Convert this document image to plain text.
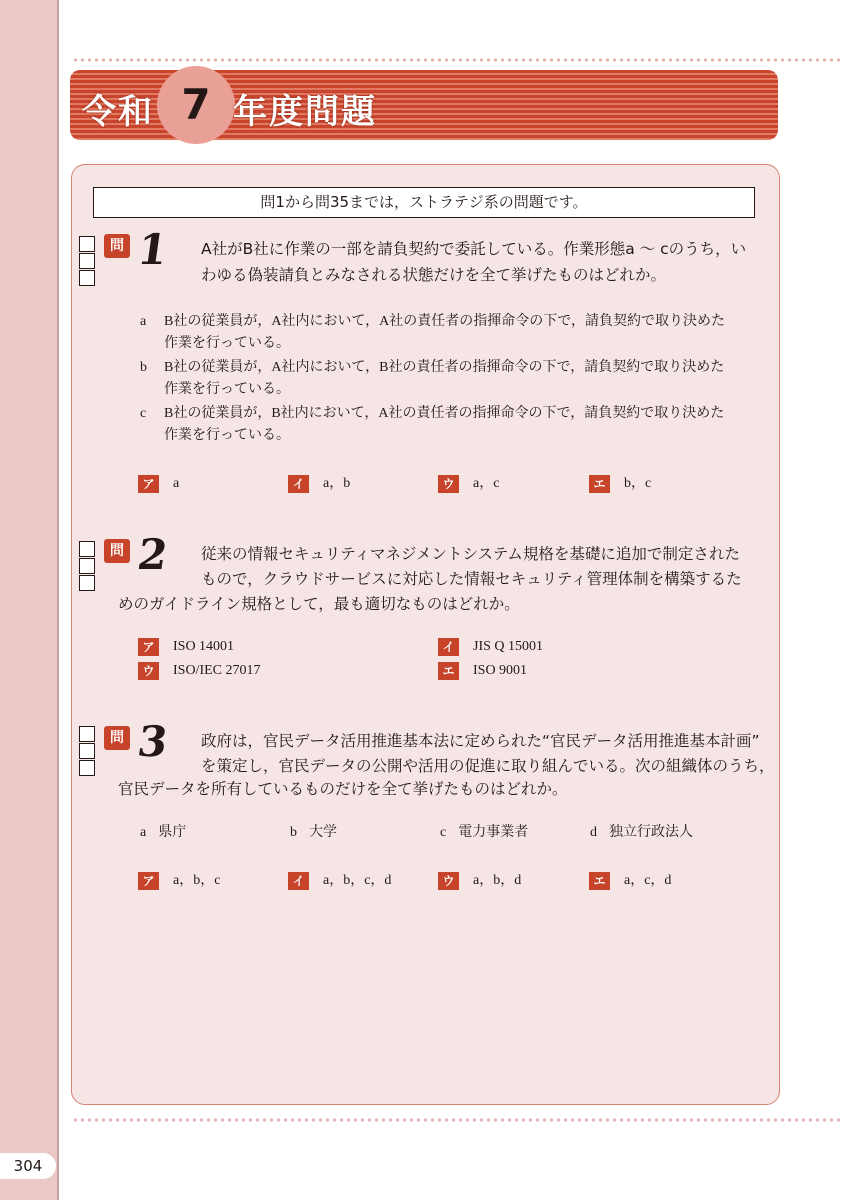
304
令和 7 年度問題
問1から問35までは，ストラテジ系の問題です。
問 1 A社がB社に作業の一部を請負契約で委託している。作業形態a ～ cのうち，い
わゆる偽装請負とみなされる状態だけを全て挙げたものはどれか。
a B社の従業員が，A社内において，A社の責任者の指揮命令の下で，請負契約で取り決めた
作業を行っている。
b B社の従業員が，A社内において，B社の責任者の指揮命令の下で，請負契約で取り決めた
作業を行っている。
c B社の従業員が，B社内において，A社の責任者の指揮命令の下で，請負契約で取り決めた
作業を行っている。
ア a	イ a，b	ウ a，c	エ b，c
問 2 従来の情報セキュリティマネジメントシステム規格を基礎に追加で制定された
もので，クラウドサービスに対応した情報セキュリティ管理体制を構築するた
めのガイドライン規格として，最も適切なものはどれか。
ア ISO 14001	イ JIS Q 15001
ウ ISO/IEC 27017	エ ISO 9001
問 3 政府は，官民データ活用推進基本法に定められた“官民データ活用推進基本計画”
を策定し，官民データの公開や活用の促進に取り組んでいる。次の組織体のうち，
官民データを所有しているものだけを全て挙げたものはどれか。
a 県庁	b 大学	c 電力事業者	d 独立行政法人
ア a，b，c	イ a，b，c，d	ウ a，b，d	エ a，c，d
